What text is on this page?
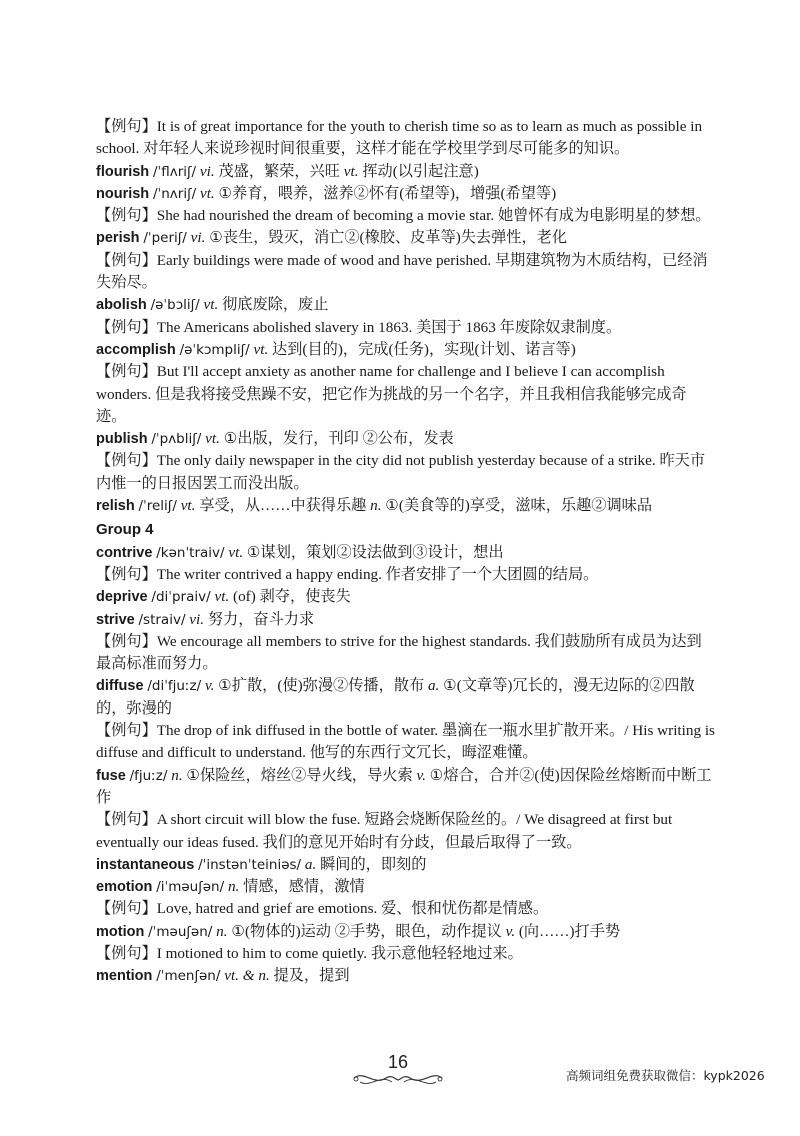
【例句】It is of great importance for the youth to cherish time so as to learn as much as possible in school. 对年轻人来说珍视时间很重要，这样才能在学校里学到尽可能多的知识。

flourish /ˈflʌriʃ/ vi. 茂盛，繁荣，兴旺 vt. 挥动(以引起注意)

nourish /ˈnʌriʃ/ vt. ①养育，喂养，滋养②怀有(希望等)，增强(希望等)

【例句】She had nourished the dream of becoming a movie star. 她曾怀有成为电影明星的梦想。

perish /ˈperiʃ/ vi. ①丧生，毁灭，消亡②(橡胶、皮革等)失去弹性，老化

【例句】Early buildings were made of wood and have perished. 早期建筑物为木质结构，已经消失殆尽。

abolish /əˈbɔliʃ/ vt. 彻底废除，废止

【例句】The Americans abolished slavery in 1863. 美国于 1863 年废除奴隶制度。

accomplish /əˈkɔmpliʃ/ vt. 达到(目的)，完成(任务)，实现(计划、诺言等)

【例句】But I'll accept anxiety as another name for challenge and I believe I can accomplish wonders. 但是我将接受焦躁不安，把它作为挑战的另一个名字，并且我相信我能够完成奇迹。

publish /ˈpʌbliʃ/ vt. ①出版，发行，刊印 ②公布，发表

【例句】The only daily newspaper in the city did not publish yesterday because of a strike. 昨天市内惟一的日报因罢工而没出版。

relish /ˈreliʃ/ vt. 享受，从……中获得乐趣 n. ①(美食等的)享受，滋味，乐趣②调味品

Group 4

contrive /kənˈtraiv/ vt. ①谋划，策划②设法做到③设计，想出

【例句】The writer contrived a happy ending. 作者安排了一个大团圆的结局。

deprive /diˈpraiv/ vt. (of) 剥夺，使丧失

strive /straiv/ vi. 努力，奋斗力求

【例句】We encourage all members to strive for the highest standards. 我们鼓励所有成员为达到最高标准而努力。

diffuse /diˈfjuːz/ v. ①扩散，(使)弥漫②传播，散布 a. ①(文章等)冗长的，漫无边际的②四散的，弥漫的

【例句】The drop of ink diffused in the bottle of water. 墨滴在一瓶水里扩散开来。/ His writing is diffuse and difficult to understand. 他写的东西行文冗长，晦涩难懂。

fuse /fjuːz/ n. ①保险丝，熔丝②导火线，导火索 v. ①熔合，合并②(使)因保险丝熔断而中断工作

【例句】A short circuit will blow the fuse. 短路会烧断保险丝的。/ We disagreed at first but eventually our ideas fused. 我们的意见开始时有分歧，但最后取得了一致。

instantaneous /ˈinstənˈteiniəs/ a. 瞬间的，即刻的

emotion /iˈməuʃən/ n. 情感，感情，激情

【例句】Love, hatred and grief are emotions. 爱、恨和忧伤都是情感。

motion /ˈməuʃən/ n. ①(物体的)运动 ②手势，眼色，动作提议 v. (向……)打手势

【例句】I motioned to him to come quietly. 我示意他轻轻地过来。

mention /ˈmenʃən/ vt. & n. 提及，提到

16
高频词组免费获取微信：kypk2026
